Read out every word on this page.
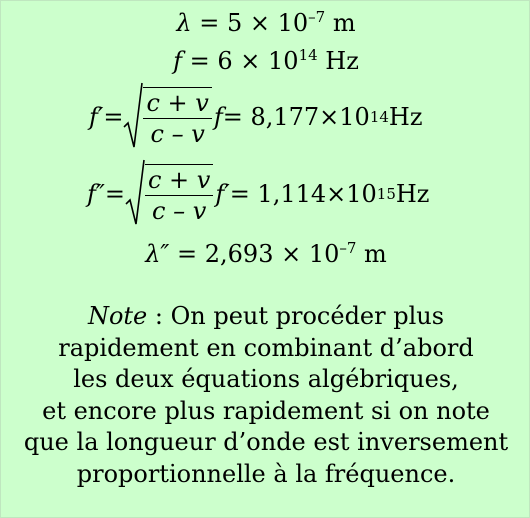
$\lambda = 5 \times 10^{-7}$ m
$f = 6 \times 10^{14}$ Hz
$f' = \frac{c + v}{c - v}$ f = 8,177×10 14 Hz
$f'' = \frac{c + v}{c - v} f' = 1,114\times 10$ 15 Hz
$\lambda'' = 2,693 \times 10^{-7}$ m
Note : On peut procéder plus
rapidement en combinant d’abord
les deux équations algébriques,
et encore plus rapidement si on note
que la longueur d’onde est inversement
proportionnelle à la fréquence.
